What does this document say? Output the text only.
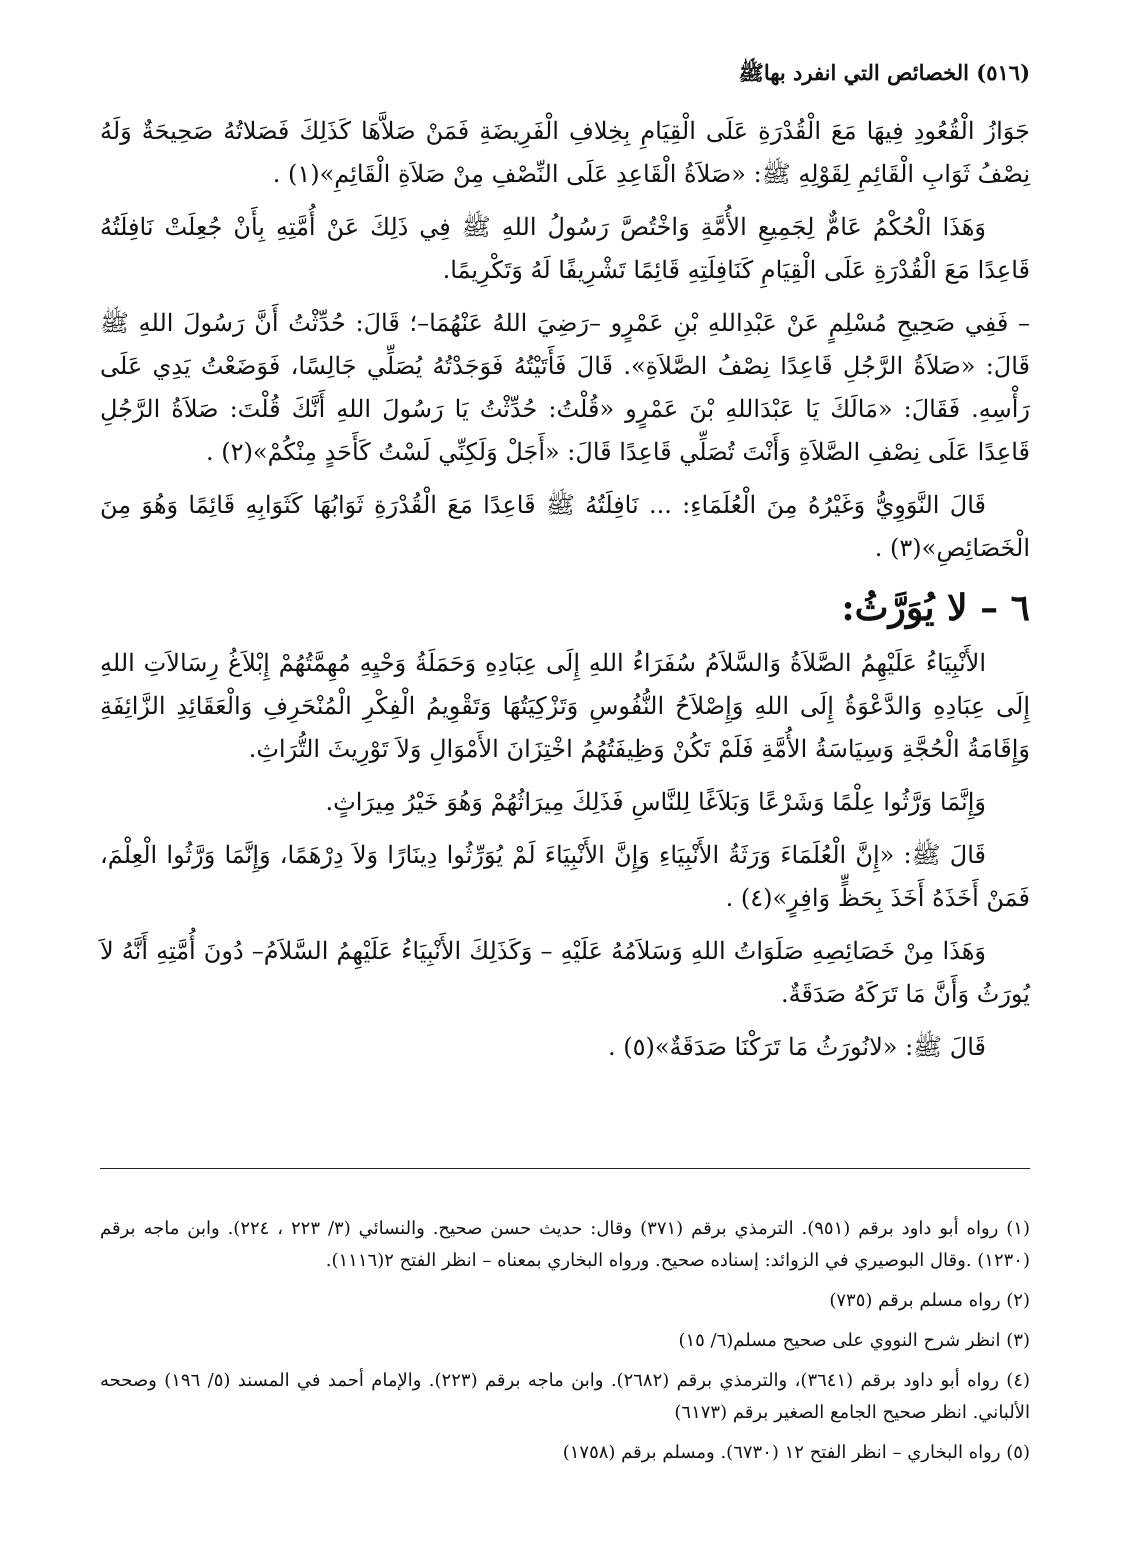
(٥١٦) الخصائص التي انفرد بهاﷺ

جَوَازُ الْقُعُودِ فِيهَا مَعَ الْقُدْرَةِ عَلَى الْقِيَامِ بِخِلافِ الْفَرِيضَةِ فَمَنْ صَلاَّهَا كَذَلِكَ فَصَلاتُهُ صَحِيحَةٌ وَلَهُ نِصْفُ ثَوَابِ الْقَائِمِ لِقَوْلِهِ ﷺ: «صَلاَةُ الْقَاعِدِ عَلَى النِّصْفِ مِنْ صَلاَةِ الْقَائِمِ»(١) .

وَهَذَا الْحُكْمُ عَامٌّ لِجَمِيعِ الأُمَّةِ وَاخْتُصَّ رَسُولُ اللهِ ﷺ فِي ذَلِكَ عَنْ أُمَّتِهِ بِأَنْ جُعِلَتْ نَافِلَتُهُ قَاعِدًا مَعَ الْقُدْرَةِ عَلَى الْقِيَامِ كَنَافِلَتِهِ قَائِمًا تَشْرِيفًا لَهُ وَتَكْرِيمًا.

– فَفِي صَحِيحِ مُسْلِمٍ عَنْ عَبْدِاللهِ بْنِ عَمْرٍو –رَضِيَ اللهُ عَنْهُمَا–؛ قَالَ: حُدِّثْتُ أَنَّ رَسُولَ اللهِ ﷺ قَالَ: «صَلاَةُ الرَّجُلِ قَاعِدًا نِصْفُ الصَّلاَةِ». قَالَ فَأَتَيْتُهُ فَوَجَدْتُهُ يُصَلِّي جَالِسًا، فَوَضَعْتُ يَدِي عَلَى رَأْسِهِ. فَقَالَ: «مَالَكَ يَا عَبْدَاللهِ بْنَ عَمْرٍو «قُلْتُ: حُدِّثْتُ يَا رَسُولَ اللهِ أَنَّكَ قُلْتَ: صَلاَةُ الرَّجُلِ قَاعِدًا عَلَى نِصْفِ الصَّلاَةِ وَأَنْتَ تُصَلِّي قَاعِدًا قَالَ: «أَجَلْ وَلَكِنِّي لَسْتُ كَأَحَدٍ مِنْكُمْ»(٢) .

قَالَ النَّوَوِيُّ وَغَيْرُهُ مِنَ الْعُلَمَاءِ: ... نَافِلَتُهُ ﷺ قَاعِدًا مَعَ الْقُدْرَةِ ثَوَابُهَا كَثَوَابِهِ قَائِمًا وَهُوَ مِنَ الْخَصَائِصِ»(٣) .

٦ – لا يُوَرَّثُ:

الأَنْبِيَاءُ عَلَيْهِمُ الصَّلاَةُ وَالسَّلاَمُ سُفَرَاءُ اللهِ إِلَى عِبَادِهِ وَحَمَلَةُ وَحْيِهِ مُهِمَّتُهُمْ إِبْلاَغُ رِسَالاَتِ اللهِ إِلَى عِبَادِهِ وَالدَّعْوَةُ إِلَى اللهِ وَإِصْلاَحُ النُّفُوسِ وَتَزْكِيَتُهَا وَتَقْوِيمُ الْفِكْرِ الْمُنْحَرِفِ وَالْعَقَائِدِ الزَّائِفَةِ وَإِقَامَةُ الْحُجَّةِ وَسِيَاسَةُ الأُمَّةِ فَلَمْ تَكُنْ وَظِيفَتُهُمُ اخْتِزَانَ الأَمْوَالِ وَلاَ تَوْرِيثَ التُّرَاثِ.

وَإِنَّمَا وَرَّثُوا عِلْمًا وَشَرْعًا وَبَلاَغًا لِلنَّاسِ فَذَلِكَ مِيرَاثُهُمْ وَهُوَ خَيْرُ مِيرَاثٍ.

قَالَ ﷺ: «إِنَّ الْعُلَمَاءَ وَرَثَةُ الأَنْبِيَاءِ وَإِنَّ الأَنْبِيَاءَ لَمْ يُوَرِّثُوا دِينَارًا وَلاَ دِرْهَمًا، وَإِنَّمَا وَرَّثُوا الْعِلْمَ، فَمَنْ أَخَذَهُ أَخَذَ بِحَظٍّ وَافِرٍ»(٤) .

وَهَذَا مِنْ خَصَائِصِهِ صَلَوَاتُ اللهِ وَسَلاَمُهُ عَلَيْهِ – وَكَذَلِكَ الأَنْبِيَاءُ عَلَيْهِمُ السَّلاَمُ– دُونَ أُمَّتِهِ أَنَّهُ لاَ يُورَثُ وَأَنَّ مَا تَرَكَهُ صَدَقَةٌ.

قَالَ ﷺ: «لانُورَثُ مَا تَرَكْنَا صَدَقَةٌ»(٥) .

(١) رواه أبو داود برقم (٩٥١). الترمذي برقم (٣٧١) وقال: حديث حسن صحيح. والنسائي (٣/ ٢٢٣ ، ٢٢٤). وابن ماجه برقم (١٢٣٠) .وقال البوصيري في الزوائد: إسناده صحيح. ورواه البخاري بمعناه – انظر الفتح ٢(١١١٦).

(٢) رواه مسلم برقم (٧٣٥)

(٣) انظر شرح النووي على صحيح مسلم(٦/ ١٥)

(٤) رواه أبو داود برقم (٣٦٤١)، والترمذي برقم (٢٦٨٢). وابن ماجه برقم (٢٢٣). والإمام أحمد في المسند (٥/ ١٩٦) وصححه الألباني. انظر صحيح الجامع الصغير برقم (٦١٧٣)

(٥) رواه البخاري – انظر الفتح ١٢ (٦٧٣٠). ومسلم برقم (١٧٥٨)
